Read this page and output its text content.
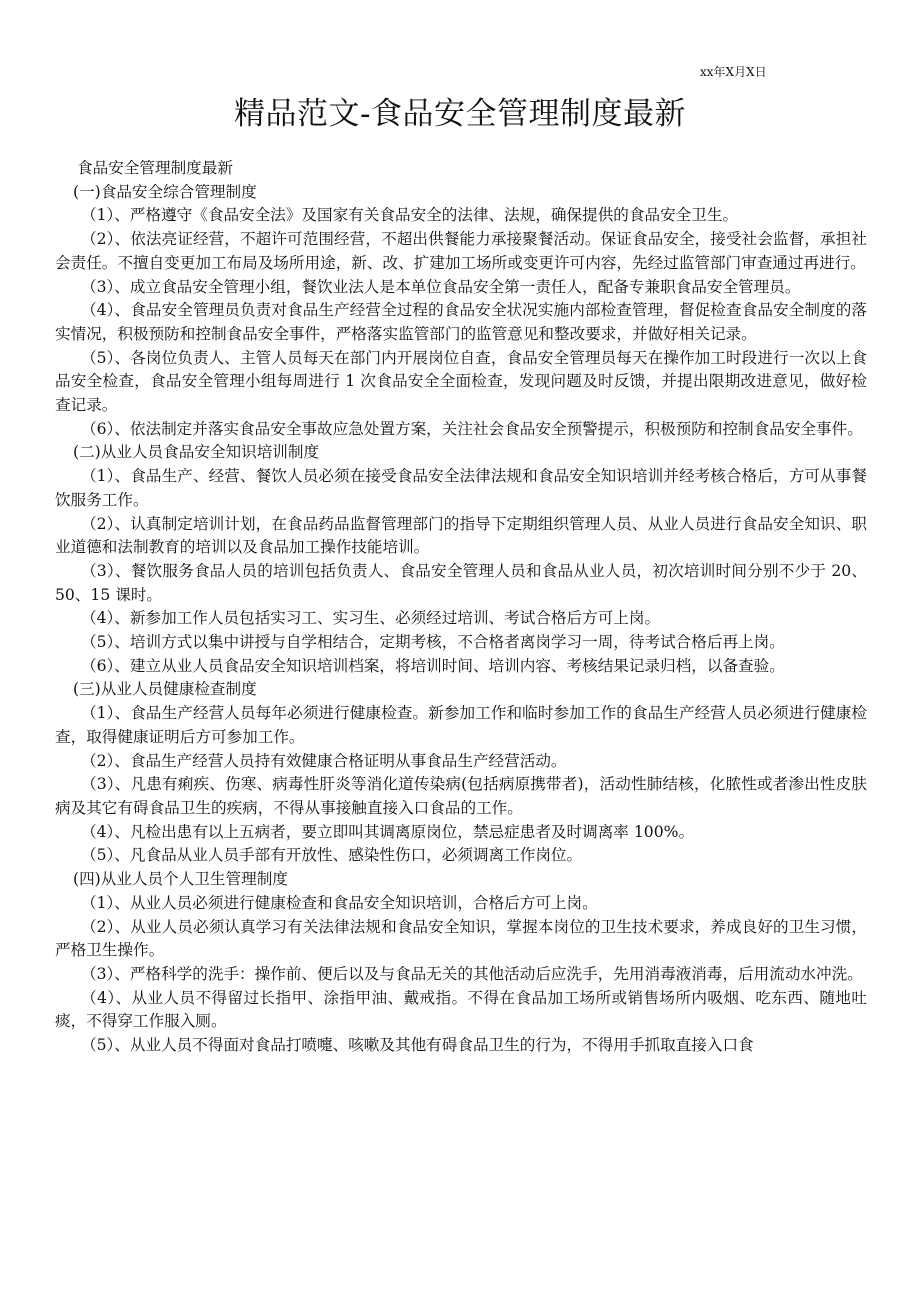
xx年X月X日
精品范文-食品安全管理制度最新

食品安全管理制度最新

(一)食品安全综合管理制度

（1）、严格遵守《食品安全法》及国家有关食品安全的法律、法规，确保提供的食品安全卫生。

（2）、依法亮证经营，不超许可范围经营，不超出供餐能力承接聚餐活动。保证食品安全，接受社会监督，承担社会责任。不擅自变更加工布局及场所用途，新、改、扩建加工场所或变更许可内容，先经过监管部门审查通过再进行。

（3）、成立食品安全管理小组，餐饮业法人是本单位食品安全第一责任人，配备专兼职食品安全管理员。

（4）、食品安全管理员负责对食品生产经营全过程的食品安全状况实施内部检查管理，督促检查食品安全制度的落实情况，积极预防和控制食品安全事件，严格落实监管部门的监管意见和整改要求，并做好相关记录。

（5）、各岗位负责人、主管人员每天在部门内开展岗位自查，食品安全管理员每天在操作加工时段进行一次以上食品安全检查，食品安全管理小组每周进行 1 次食品安全全面检查，发现问题及时反馈，并提出限期改进意见，做好检查记录。

（6）、依法制定并落实食品安全事故应急处置方案，关注社会食品安全预警提示，积极预防和控制食品安全事件。

(二)从业人员食品安全知识培训制度

（1）、食品生产、经营、餐饮人员必须在接受食品安全法律法规和食品安全知识培训并经考核合格后，方可从事餐饮服务工作。

（2）、认真制定培训计划，在食品药品监督管理部门的指导下定期组织管理人员、从业人员进行食品安全知识、职业道德和法制教育的培训以及食品加工操作技能培训。

（3）、餐饮服务食品人员的培训包括负责人、食品安全管理人员和食品从业人员，初次培训时间分别不少于 20、50、15 课时。

（4）、新参加工作人员包括实习工、实习生、必须经过培训、考试合格后方可上岗。

（5）、培训方式以集中讲授与自学相结合，定期考核，不合格者离岗学习一周，待考试合格后再上岗。

（6）、建立从业人员食品安全知识培训档案，将培训时间、培训内容、考核结果记录归档，以备查验。

(三)从业人员健康检查制度

（1）、食品生产经营人员每年必须进行健康检查。新参加工作和临时参加工作的食品生产经营人员必须进行健康检查，取得健康证明后方可参加工作。

（2）、食品生产经营人员持有效健康合格证明从事食品生产经营活动。

（3）、凡患有痢疾、伤寒、病毒性肝炎等消化道传染病(包括病原携带者)，活动性肺结核，化脓性或者渗出性皮肤病及其它有碍食品卫生的疾病，不得从事接触直接入口食品的工作。

（4）、凡检出患有以上五病者，要立即叫其调离原岗位，禁忌症患者及时调离率 100%。

（5）、凡食品从业人员手部有开放性、感染性伤口，必须调离工作岗位。

(四)从业人员个人卫生管理制度

（1）、从业人员必须进行健康检查和食品安全知识培训，合格后方可上岗。

（2）、从业人员必须认真学习有关法律法规和食品安全知识，掌握本岗位的卫生技术要求，养成良好的卫生习惯，严格卫生操作。

（3）、严格科学的洗手：操作前、便后以及与食品无关的其他活动后应洗手，先用消毒液消毒，后用流动水冲洗。

（4）、从业人员不得留过长指甲、涂指甲油、戴戒指。不得在食品加工场所或销售场所内吸烟、吃东西、随地吐痰，不得穿工作服入厕。

（5）、从业人员不得面对食品打喷嚏、咳嗽及其他有碍食品卫生的行为，不得用手抓取直接入口食
